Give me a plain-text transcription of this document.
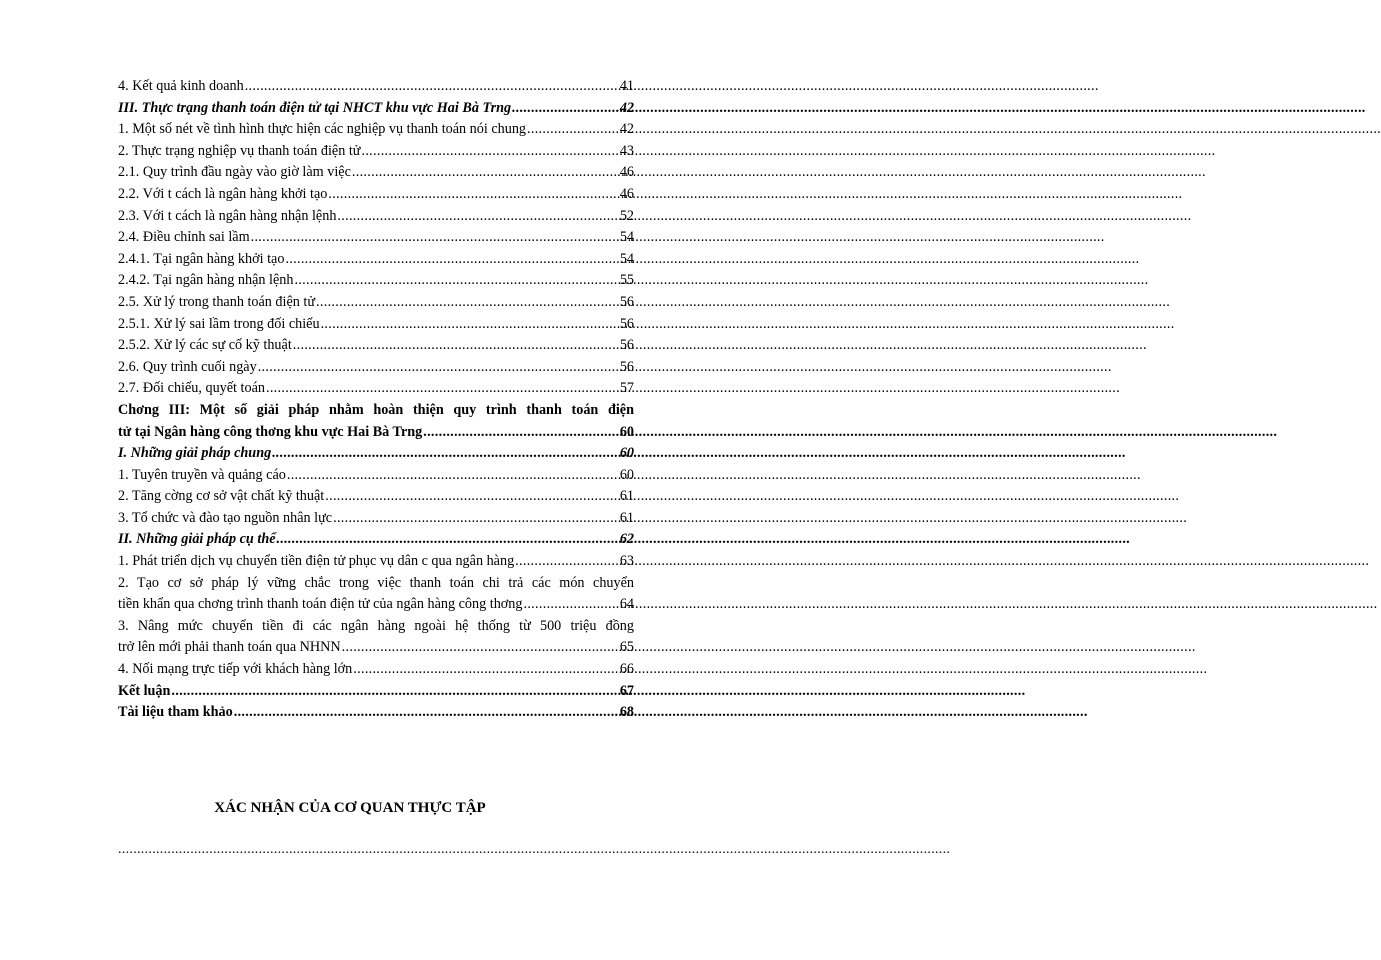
4. Kết quả kinh doanh .....	41
III. Thực trạng thanh toán điện tử tại NHCT khu vực Hai Bà Trng .....	42
1. Một số nét về tình hình thực hiện các nghiệp vụ thanh toán nói chung .....	42
2. Thực trạng nghiệp vụ thanh toán điện tử .....	43
2.1. Quy trình đầu ngày vào giờ làm việc .....	46
2.2. Với t cách là ngân hàng khởi tạo .....	46
2.3. Với t cách là ngân hàng nhận lệnh .....	52
2.4. Điều chỉnh sai lầm .....	54
2.4.1. Tại ngân hàng khởi tạo .....	54
2.4.2. Tại ngân hàng nhận lệnh .....	55
2.5. Xử lý trong thanh toán điện tử .....	56
2.5.1. Xử lý sai lầm trong đối chiếu .....	56
2.5.2. Xử lý các sự cố kỹ thuật .....	56
2.6. Quy trình cuối ngày .....	56
2.7. Đối chiếu, quyết toán .....	57
Chơng III: Một số giải pháp nhằm hoàn thiện quy trình thanh toán điện
tử tại Ngân hàng công thơng khu vực Hai Bà Trng .....	60
I. Những giải pháp chung .....	60
1. Tuyên truyền và quảng cáo .....	60
2. Tăng cờng cơ sở vật chất kỹ thuật .....	61
3. Tổ chức và đào tạo nguồn nhân lực .....	61
II. Những giải pháp cụ thể .....	62
1. Phát triển dịch vụ chuyển tiền điện tử phục vụ dân c qua ngân hàng .....	63
2. Tạo cơ sở pháp lý vững chắc trong việc thanh toán chi trả các món chuyển
tiền khẩn qua chơng trình thanh toán điện tử của ngân hàng công thơng .....	64
3. Nâng mức chuyển tiền đi các ngân hàng ngoài hệ thống từ 500 triệu đồng
trở lên mới phải thanh toán qua NHNN .....	65
4. Nối mạng trực tiếp với khách hàng lớn .....	66
Kết luận .....	67
Tài liệu tham khảo .....	68
XÁC NHẬN CỦA CƠ QUAN THỰC TẬP
...........................................................................................................................................................................................................................
